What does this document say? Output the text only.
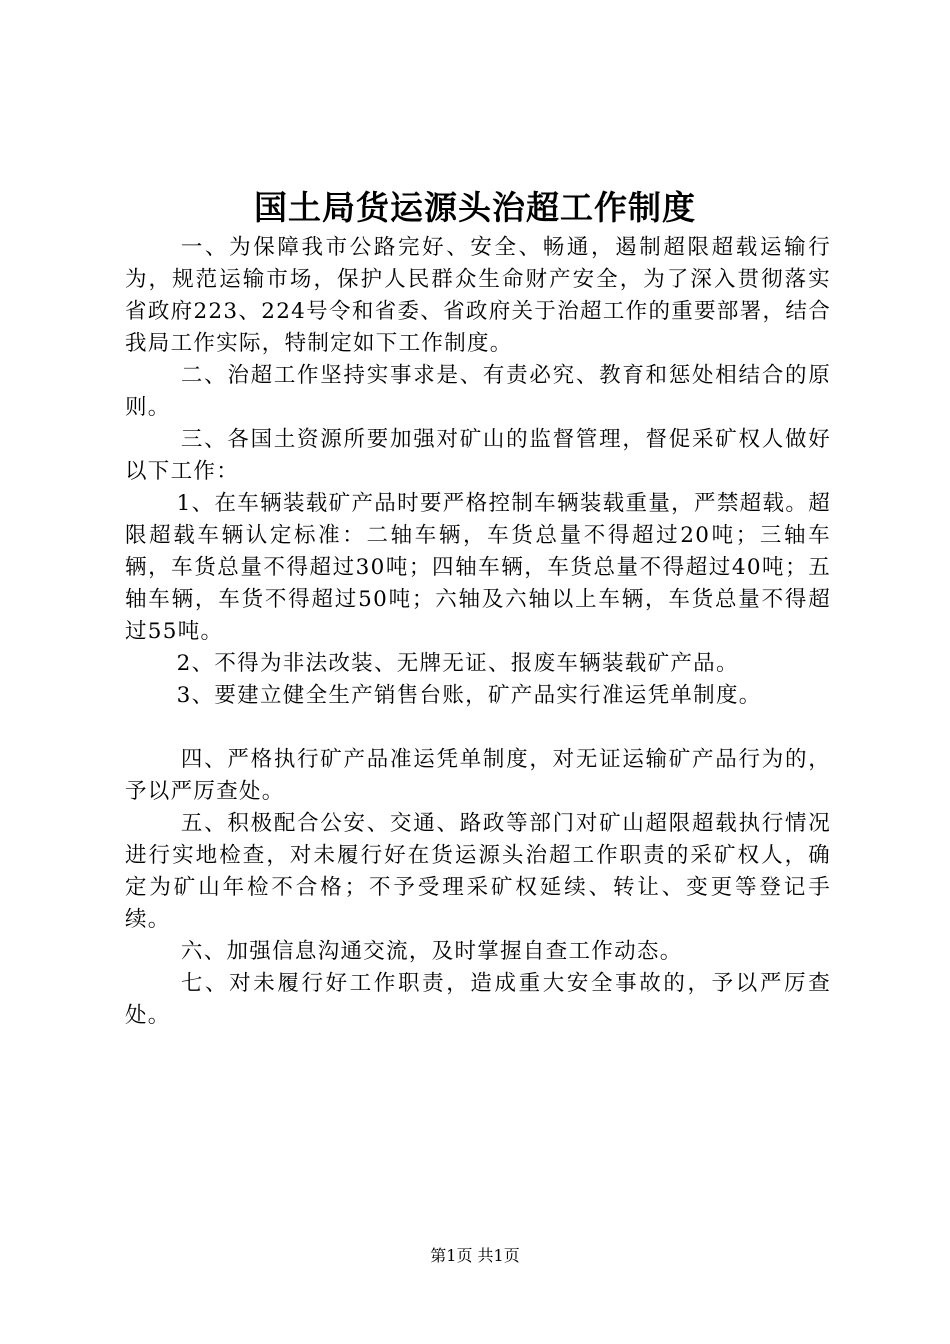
国土局货运源头治超工作制度

一、为保障我市公路完好、安全、畅通，遏制超限超载运输行为，规范运输市场，保护人民群众生命财产安全，为了深入贯彻落实省政府223、224号令和省委、省政府关于治超工作的重要部署，结合我局工作实际，特制定如下工作制度。

二、治超工作坚持实事求是、有责必究、教育和惩处相结合的原则。

三、各国土资源所要加强对矿山的监督管理，督促采矿权人做好以下工作：

1、在车辆装载矿产品时要严格控制车辆装载重量，严禁超载。超限超载车辆认定标准：二轴车辆，车货总量不得超过20吨；三轴车辆，车货总量不得超过30吨；四轴车辆，车货总量不得超过40吨；五轴车辆，车货不得超过50吨；六轴及六轴以上车辆，车货总量不得超过55吨。

2、不得为非法改装、无牌无证、报废车辆装载矿产品。

3、要建立健全生产销售台账，矿产品实行准运凭单制度。

四、严格执行矿产品准运凭单制度，对无证运输矿产品行为的，予以严厉查处。

五、积极配合公安、交通、路政等部门对矿山超限超载执行情况进行实地检查，对未履行好在货运源头治超工作职责的采矿权人，确定为矿山年检不合格；不予受理采矿权延续、转让、变更等登记手续。

六、加强信息沟通交流，及时掌握自查工作动态。

七、对未履行好工作职责，造成重大安全事故的，予以严厉查处。

第1页 共1页
